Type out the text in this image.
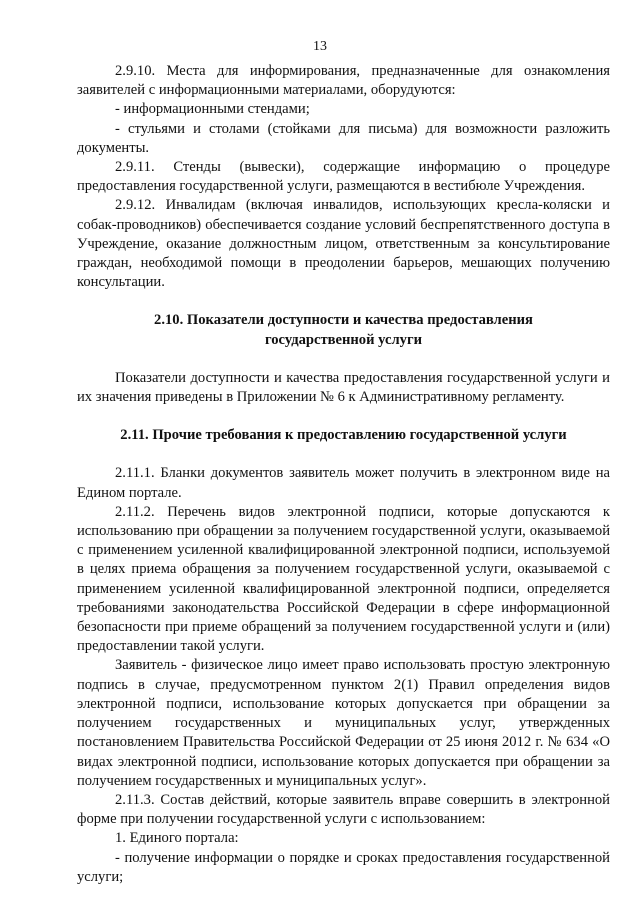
13

2.9.10. Места для информирования, предназначенные для ознакомления заявителей с информационными материалами, оборудуются:

- информационными стендами;

- стульями и столами (стойками для письма) для возможности разложить документы.

2.9.11. Стенды (вывески), содержащие информацию о процедуре предоставления государственной услуги, размещаются в вестибюле Учреждения.

2.9.12. Инвалидам (включая инвалидов, использующих кресла-коляски и собак-проводников) обеспечивается создание условий беспрепятственного доступа в Учреждение, оказание должностным лицом, ответственным за консультирование граждан, необходимой помощи в преодолении барьеров, мешающих получению консультации.

2.10. Показатели доступности и качества предоставления
государственной услуги

Показатели доступности и качества предоставления государственной услуги и их значения приведены в Приложении № 6 к Административному регламенту.

2.11. Прочие требования к предоставлению государственной услуги

2.11.1. Бланки документов заявитель может получить в электронном виде на Едином портале.

2.11.2. Перечень видов электронной подписи, которые допускаются к использованию при обращении за получением государственной услуги, оказываемой с применением усиленной квалифицированной электронной подписи, используемой в целях приема обращения за получением государственной услуги, оказываемой с применением усиленной квалифицированной электронной подписи, определяется требованиями законодательства Российской Федерации в сфере информационной безопасности при приеме обращений за получением государственной услуги и (или) предоставлении такой услуги.

Заявитель - физическое лицо имеет право использовать простую электронную подпись в случае, предусмотренном пунктом 2(1) Правил определения видов электронной подписи, использование которых допускается при обращении за получением государственных и муниципальных услуг, утвержденных постановлением Правительства Российской Федерации от 25 июня 2012 г. № 634 «О видах электронной подписи, использование которых допускается при обращении за получением государственных и муниципальных услуг».

2.11.3. Состав действий, которые заявитель вправе совершить в электронной форме при получении государственной услуги с использованием:

1. Единого портала:

- получение информации о порядке и сроках предоставления государственной услуги;
